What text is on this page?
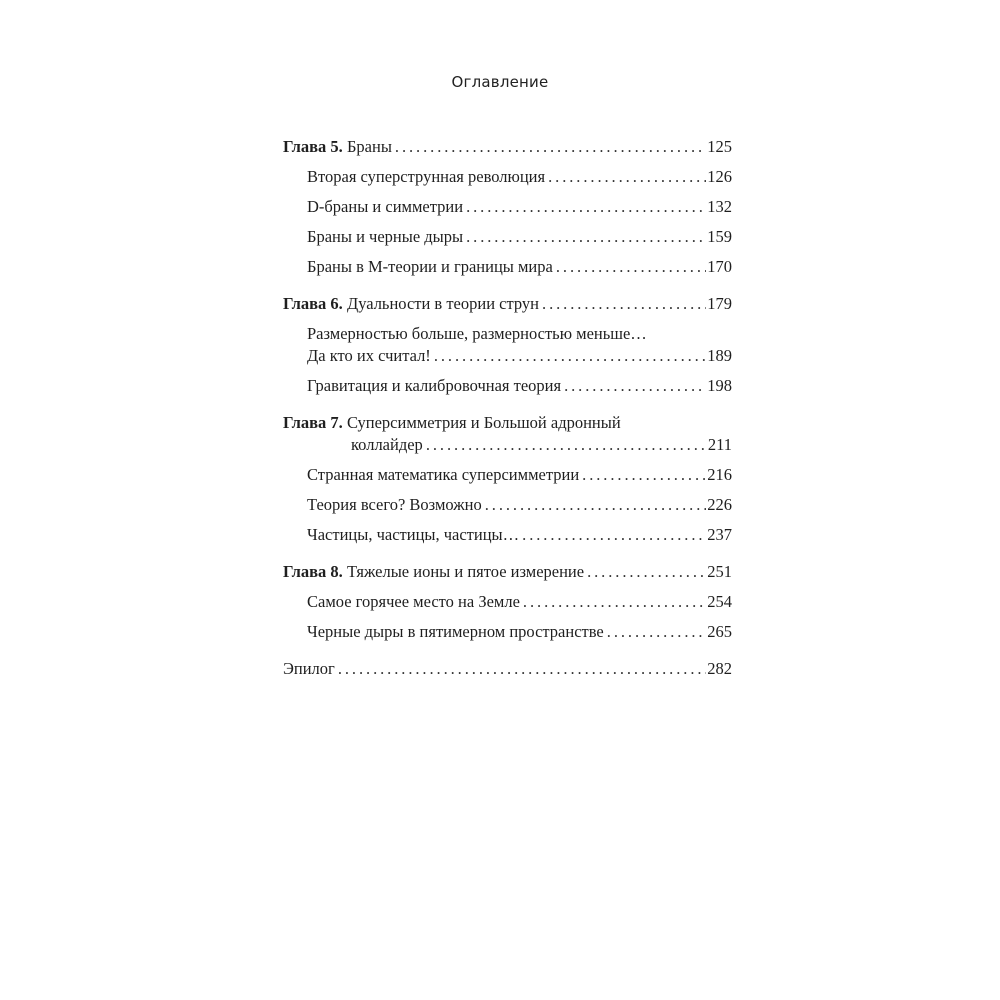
Оглавление
Глава 5. Браны . . .	125
Вторая суперструнная революция . . .	126
D-браны и симметрии . . .	132
Браны и черные дыры . . .	159
Браны в М-теории и границы мира . . .	170
Глава 6. Дуальности в теории струн . . .	179
Размерностью больше, размерностью меньше…
Да кто их считал! . . .	189
Гравитация и калибровочная теория . . .	198
Глава 7. Суперсимметрия и Большой адронный
коллайдер . . .	211
Странная математика суперсимметрии . . .	216
Теория всего? Возможно . . .	226
Частицы, частицы, частицы… . . .	237
Глава 8. Тяжелые ионы и пятое измерение . . .	251
Самое горячее место на Земле . . .	254
Черные дыры в пятимерном пространстве . . .	265
Эпилог . . .	282
